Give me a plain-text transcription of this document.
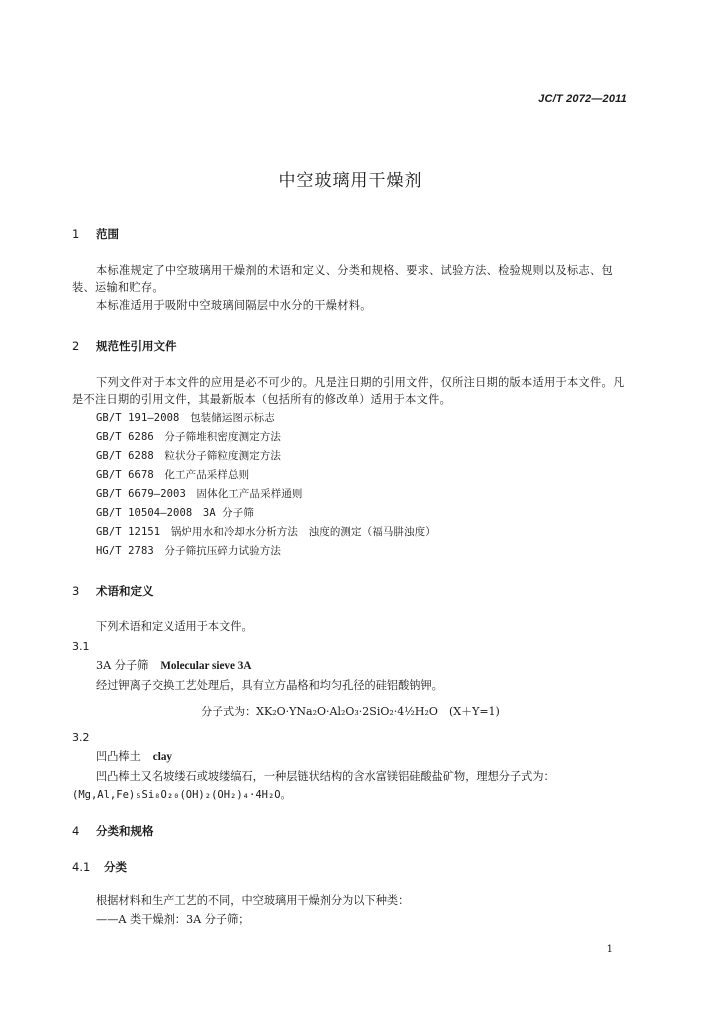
JC/T 2072—2011
中空玻璃用干燥剂
1 范围
本标准规定了中空玻璃用干燥剂的术语和定义、分类和规格、要求、试验方法、检验规则以及标志、包装、运输和贮存。
本标准适用于吸附中空玻璃间隔层中水分的干燥材料。
2 规范性引用文件
下列文件对于本文件的应用是必不可少的。凡是注日期的引用文件，仅所注日期的版本适用于本文件。凡是不注日期的引用文件，其最新版本（包括所有的修改单）适用于本文件。
GB/T 191—2008　包装储运图示标志
GB/T 6286　分子筛堆积密度测定方法
GB/T 6288　粒状分子筛粒度测定方法
GB/T 6678　化工产品采样总则
GB/T 6679—2003　固体化工产品采样通则
GB/T 10504—2008　3A 分子筛
GB/T 12151　锅炉用水和冷却水分析方法　浊度的测定（福马肼浊度）
HG/T 2783　分子筛抗压碎力试验方法
3 术语和定义
下列术语和定义适用于本文件。
3.1
3A 分子筛 Molecular sieve 3A
经过钾离子交换工艺处理后，具有立方晶格和均匀孔径的硅铝酸钠钾。
分子式为：XK₂O·YNa₂O·Al₂O₃·2SiO₂·4½H₂O　(X＋Y=1)
3.2
凹凸棒土 clay
凹凸棒土又名坡缕石或坡缕缟石，一种层链状结构的含水富镁铝硅酸盐矿物，理想分子式为：
(Mg,Al,Fe)₅Si₈O₂₀(OH)₂(OH₂)₄·4H₂O。
4 分类和规格
4.1 分类
根据材料和生产工艺的不同，中空玻璃用干燥剂分为以下种类：
——A 类干燥剂：3A 分子筛；
1
